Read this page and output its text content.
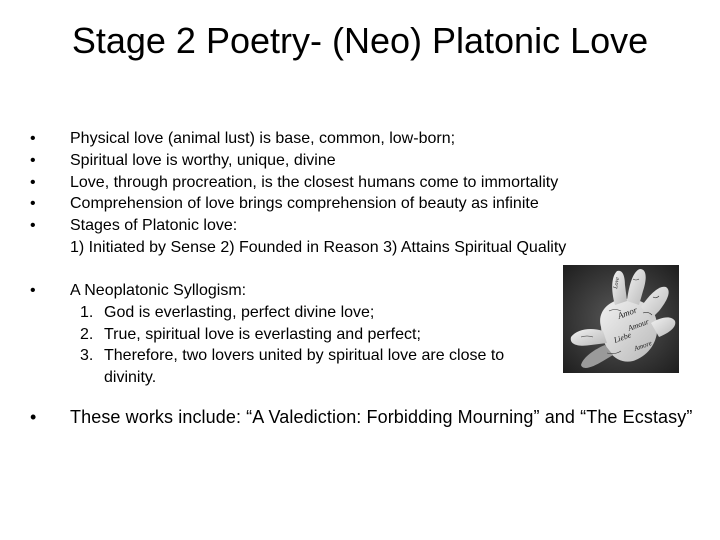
Stage 2 Poetry- (Neo) Platonic Love
• Physical love (animal lust) is base, common, low-born;
• Spiritual love is worthy, unique, divine
• Love, through procreation, is the closest humans come to immortality
• Comprehension of love brings comprehension of beauty as infinite
• Stages of Platonic love:
1) Initiated by Sense 2) Founded in Reason 3) Attains Spiritual Quality
• A Neoplatonic Syllogism:
1. God is everlasting, perfect divine love;
2. True, spiritual love is everlasting and perfect;
3. Therefore, two lovers united by spiritual love are close to divinity.
• These works include: “A Valediction: Forbidding Mourning” and “The Ecstasy”
Amor
Amour
Liebe
Love
Amore
